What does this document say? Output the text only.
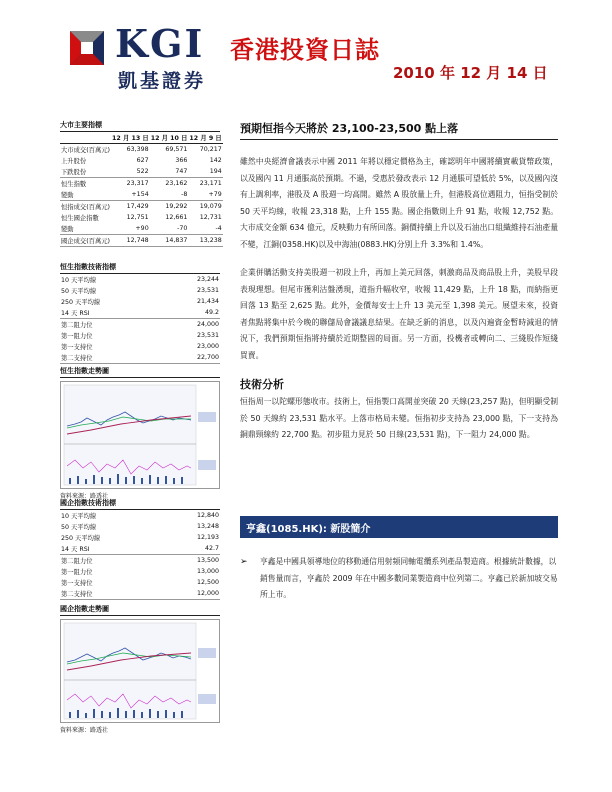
KGI
凱基證券
香港投資日誌
2010 年 12 月 14 日
大市主要指標
	12 月 13 日	12 月 10 日	12 月 9 日
大市成交(百萬元)	63,398	69,571	70,217
上升股份	627	366	142
下跌股份	522	747	194
恒生指數	23,317	23,162	23,171
變動	+154	-8	+79
恒指成交(百萬元)	17,429	19,292	19,079
恒生國企指數	12,751	12,661	12,731
變動	+90	-70	-4
國企成交(百萬元)	12,748	14,837	13,238
恒生指數技術指標
10 天平均線	23,244
50 天平均線	23,531
250 天平均線	21,434
14 天 RSI	49.2
第二阻力位	24,000
第一阻力位	23,531
第一支持位	23,000
第二支持位	22,700
恒生指數走勢圖
資料來源：路透社
國企指數技術指標
10 天平均線	12,840
50 天平均線	13,248
250 天平均線	12,193
14 天 RSI	42.7
第二阻力位	13,500
第一阻力位	13,000
第一支持位	12,500
第二支持位	12,000
國企指數走勢圖
資料來源：路透社
預期恒指今天將於 23,100-23,500 點上落
雖然中央經濟會議表示中國 2011 年將以穩定價格為主，確認明年中國將續實載貨幣政策，以及國內 11 月通脹高於預期。不過，受惠於發改表示 12 月通脹可望低於 5%，以及國內沒有上調利率，港股及 A 股週一均高開。雖然 A 股放量上升，但港股高位遇阻力，恒指受制於 50 天平均線，收報 23,318 點，上升 155 點。國企指數則上升 91 點，收報 12,752 點。大市成交金額 634 億元，反映動力有所回落。銅價持續上升以及石油出口組織維持石油產量不變，江銅(0358.HK)以及中海油(0883.HK)分別上升 3.3%和 1.4%。
企業併購活動支持美股週一初段上升，再加上美元回落，刺激商品及商品股上升，美股早段表現理想。但尾市獲利沽盤湧現，道指升幅收窄，收報 11,429 點，上升 18 點，而納指更回落 13 點至 2,625 點。此外，金價每安士上升 13 美元至 1,398 美元。展望未來，投資者焦點將集中於今晚的聯儲局會議議息結果。在缺乏新的消息，以及內遍資金暫時減退的情況下，我們預期恒指將持續於近期整固的局面。另一方面，投機者或轉向二、三綫股作短綫買賣。
技術分析
恒指周一以陀螺形態收市。技術上，恒指製口高開並突破 20 天線(23,257 點)，但明顯受制於 50 天線約 23,531 點水平。上落市格局未變。恒指初步支持為 23,000 點，下一支持為銅鼎頸線約 22,700 點。初步阻力見於 50 日線(23,531 點)，下一阻力 24,000 點。
亨鑫(1085.HK): 新股簡介
➢	亨鑫是中國具領導地位的移動通信用射頻同軸電纜系列產品製造商。根據統計數據，以銷售量而言，亨鑫於 2009 年在中國多數同業製造商中位列第二。亨鑫已於新加坡交易所上市。
